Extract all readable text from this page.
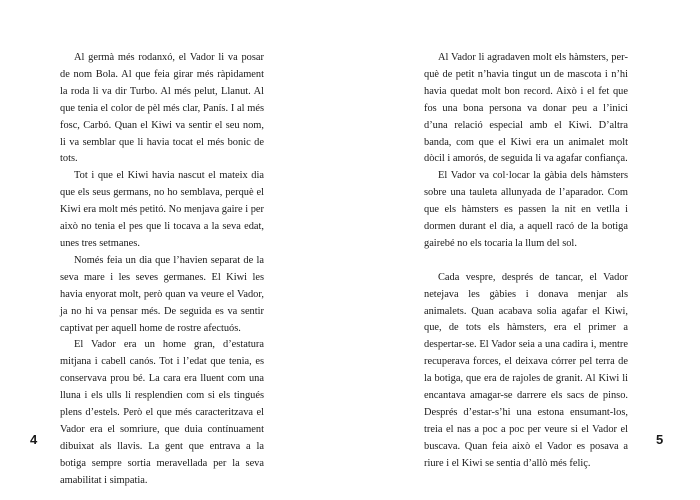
Al germà més rodanxó, el Vador li va posar de nom Bola. Al que feia girar més ràpidament la roda li va dir Turbo. Al més pelut, Llanut. Al que tenia el color de pèl més clar, Panís. I al més fosc, Carbó. Quan el Kiwi va sentir el seu nom, li va semblar que li havia tocat el més bonic de tots.

Tot i que el Kiwi havia nascut el mateix dia que els seus germans, no ho semblava, perquè el Kiwi era molt més petitó. No menjava gaire i per això no tenia el pes que li tocava a la seva edat, unes tres setmanes.

Només feia un dia que l’havien separat de la seva mare i les seves germanes. El Kiwi les havia enyorat molt, però quan va veure el Vador, ja no hi va pensar més. De seguida es va sentir captivat per aquell home de rostre afectuós.

El Vador era un home gran, d’estatura mitjana i cabell canós. Tot i l’edat que tenia, es conservava prou bé. La cara era lluent com una lluna i els ulls li resplendien com si els tingués plens d’estels. Però el que més caracteritzava el Vador era el somriure, que duia contínuament dibuixat als llavis. La gent que entrava a la botiga sempre sortia meravellada per la seva amabilitat i simpatia.

4

Al Vador li agradaven molt els hàmsters, perquè de petit n’havia tingut un de mascota i n’hi havia quedat molt bon record. Això i el fet que fos una bona persona va donar peu a l’inici d’una relació especial amb el Kiwi. D’altra banda, com que el Kiwi era un animalet molt dòcil i amorós, de seguida li va agafar confiança.

El Vador va col·locar la gàbia dels hàmsters sobre una tauleta allunyada de l’aparador. Com que els hàmsters es passen la nit en vetlla i dormen durant el dia, a aquell racó de la botiga gairebé no els tocaria la llum del sol.

Cada vespre, després de tancar, el Vador netejava les gàbies i donava menjar als animalets. Quan acabava solia agafar el Kiwi, que, de tots els hàmsters, era el primer a despertar-se. El Vador seia a una cadira i, mentre recuperava forces, el deixava córrer pel terra de la botiga, que era de rajoles de granit. Al Kiwi li encantava amagar-se darrere els sacs de pinso. Després d’estar-s’hi una estona ensumant-los, treia el nas a poc a poc per veure si el Vador el buscava. Quan feia això el Vador es posava a riure i el Kiwi se sentia d’allò més feliç.

5
